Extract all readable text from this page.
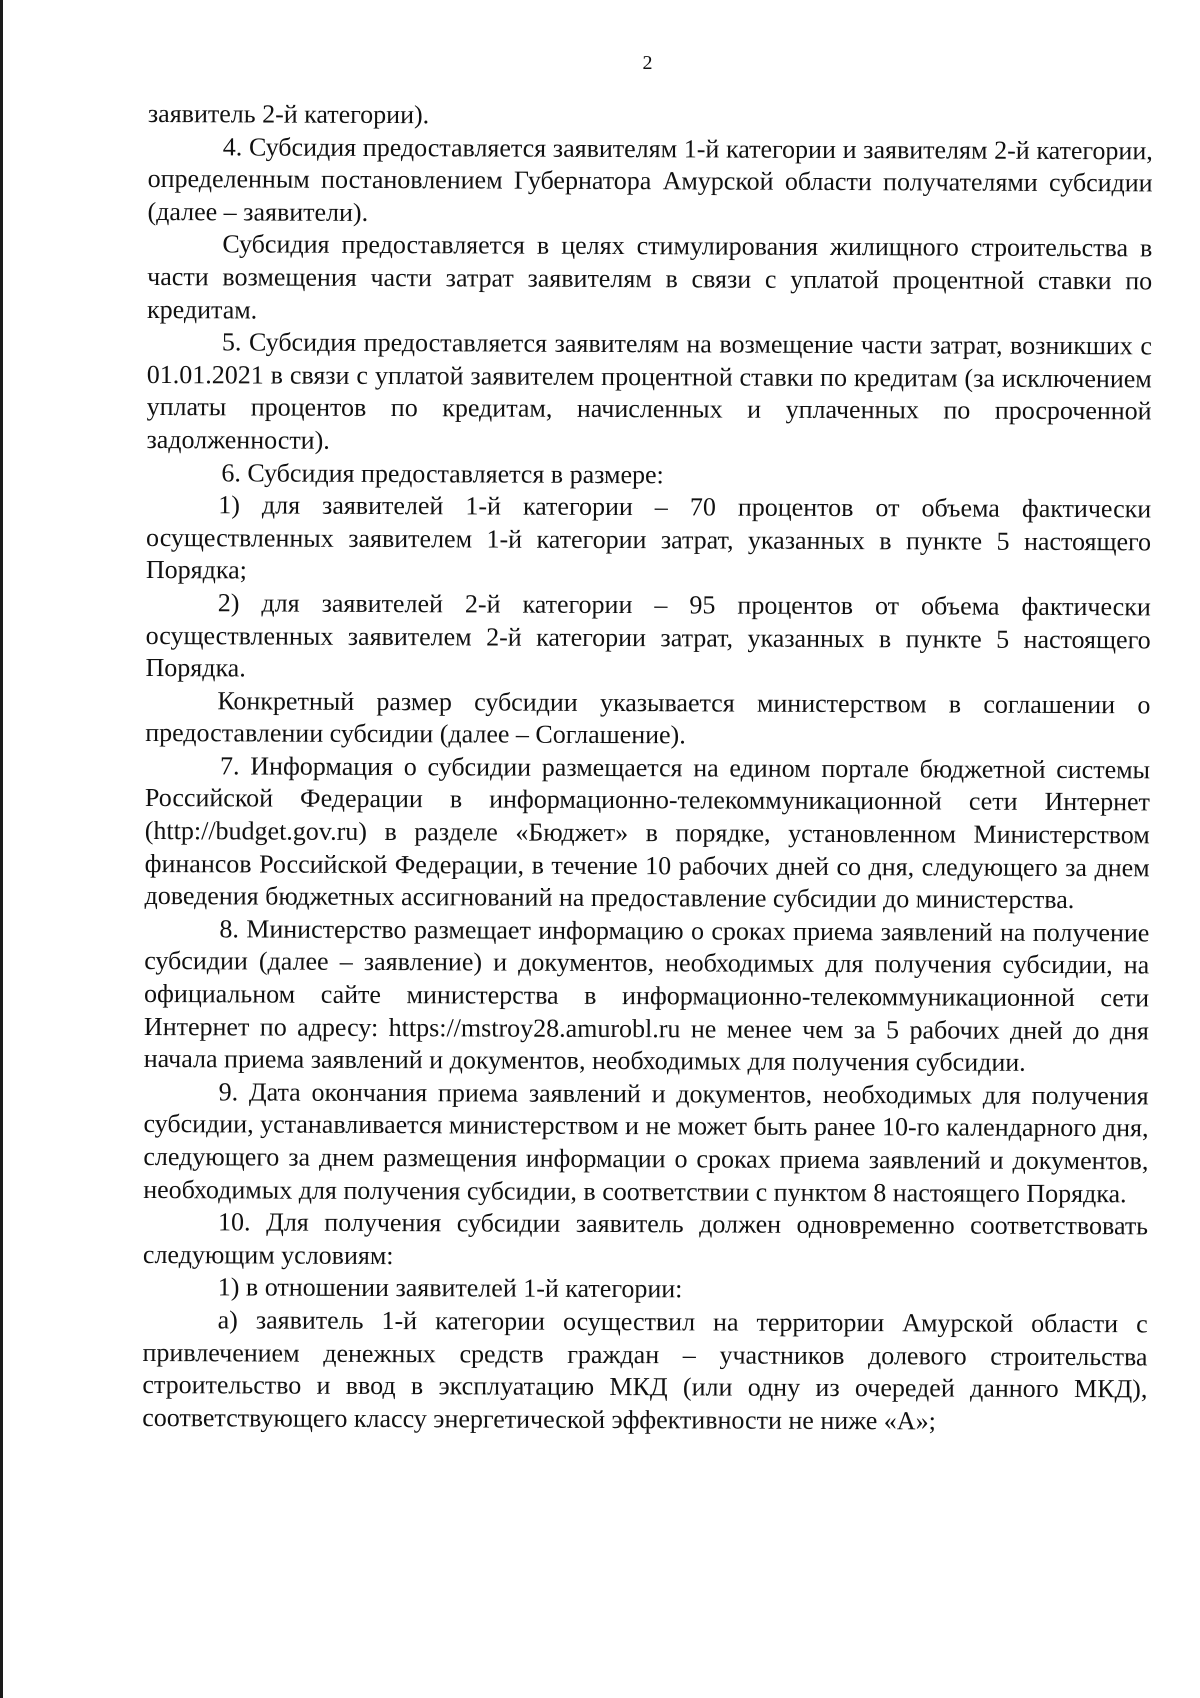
2

заявитель 2-й категории).

4. Субсидия предоставляется заявителям 1-й категории и заявителям 2-й категории, определенным постановлением Губернатора Амурской области получателями субсидии (далее – заявители).

Субсидия предоставляется в целях стимулирования жилищного строительства в части возмещения части затрат заявителям в связи с уплатой процентной ставки по кредитам.

5. Субсидия предоставляется заявителям на возмещение части затрат, возникших с 01.01.2021 в связи с уплатой заявителем процентной ставки по кредитам (за исключением уплаты процентов по кредитам, начисленных и уплаченных по просроченной задолженности).

6. Субсидия предоставляется в размере:

1) для заявителей 1-й категории – 70 процентов от объема фактически осуществленных заявителем 1-й категории затрат, указанных в пункте 5 настоящего Порядка;

2) для заявителей 2-й категории – 95 процентов от объема фактически осуществленных заявителем 2-й категории затрат, указанных в пункте 5 настоящего Порядка.

Конкретный размер субсидии указывается министерством в соглашении о предоставлении субсидии (далее – Соглашение).

7. Информация о субсидии размещается на едином портале бюджетной системы Российской Федерации в информационно-телекоммуникационной сети Интернет (http://budget.gov.ru) в разделе «Бюджет» в порядке, установленном Министерством финансов Российской Федерации, в течение 10 рабочих дней со дня, следующего за днем доведения бюджетных ассигнований на предоставление субсидии до министерства.

8. Министерство размещает информацию о сроках приема заявлений на получение субсидии (далее – заявление) и документов, необходимых для получения субсидии, на официальном сайте министерства в информационно-телекоммуникационной сети Интернет по адресу: https://mstroy28.amurobl.ru не менее чем за 5 рабочих дней до дня начала приема заявлений и документов, необходимых для получения субсидии.

9. Дата окончания приема заявлений и документов, необходимых для получения субсидии, устанавливается министерством и не может быть ранее 10-го календарного дня, следующего за днем размещения информации о сроках приема заявлений и документов, необходимых для получения субсидии, в соответствии с пунктом 8 настоящего Порядка.

10. Для получения субсидии заявитель должен одновременно соответствовать следующим условиям:

1) в отношении заявителей 1-й категории:

а) заявитель 1-й категории осуществил на территории Амурской области с привлечением денежных средств граждан – участников долевого строительства строительство и ввод в эксплуатацию МКД (или одну из очередей данного МКД), соответствующего классу энергетической эффективности не ниже «А»;
